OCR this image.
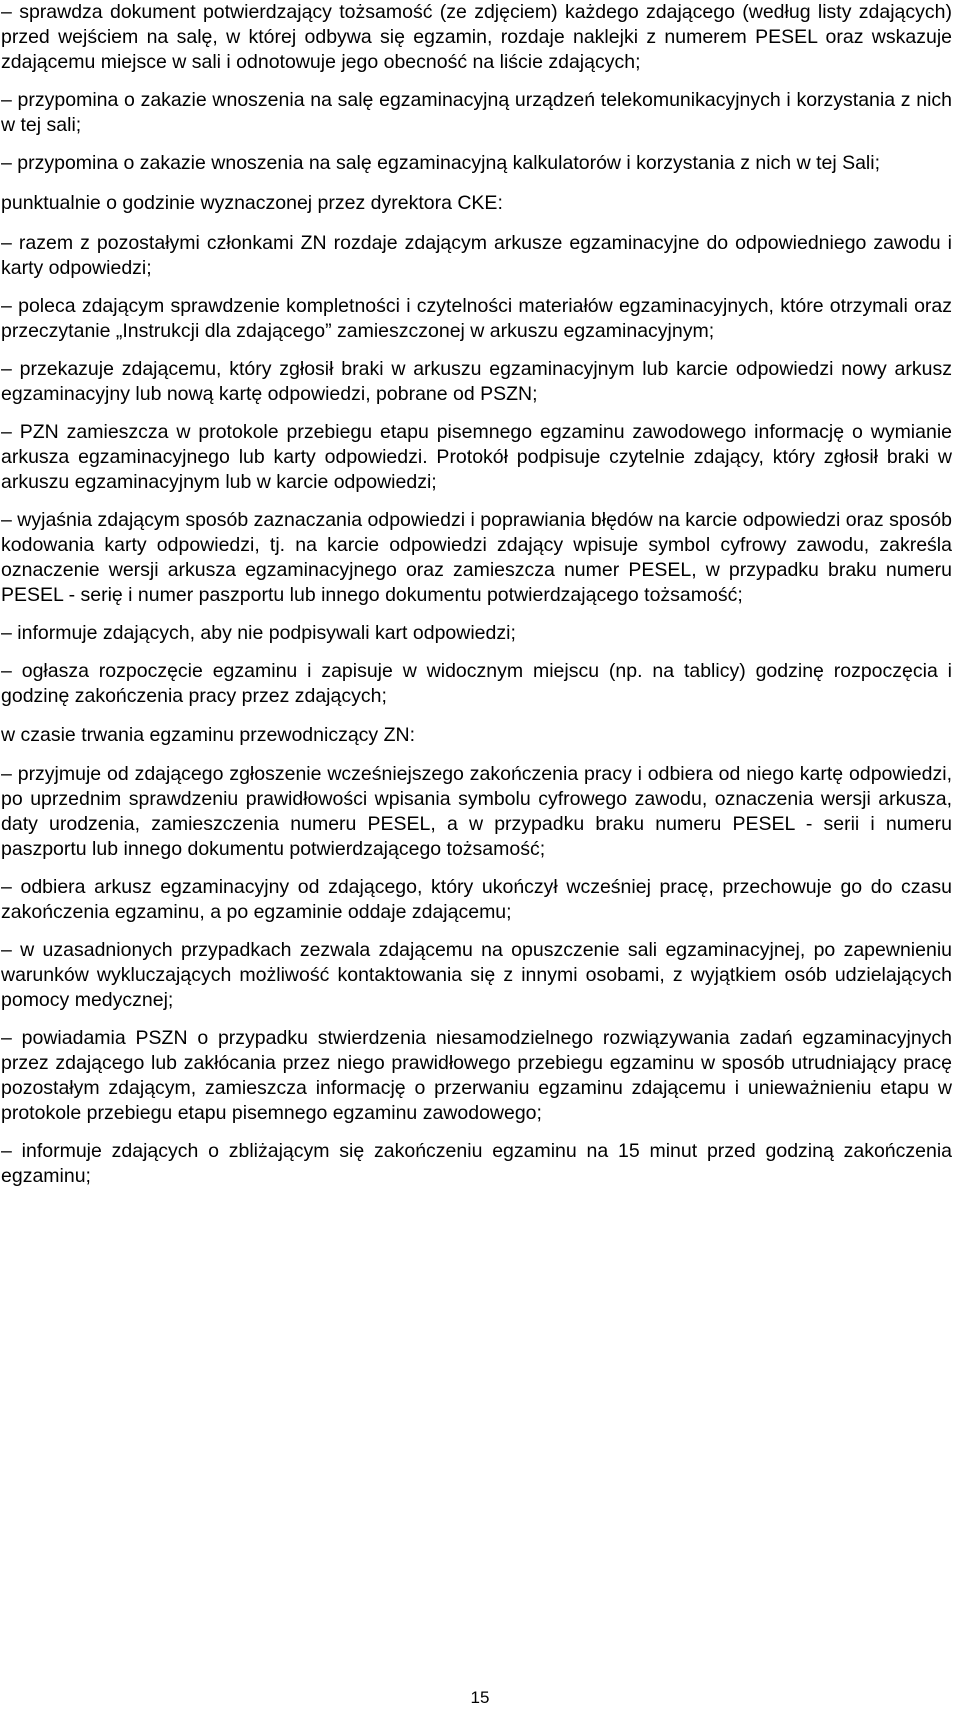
‒ sprawdza dokument potwierdzający tożsamość (ze zdjęciem) każdego zdającego (według listy zdających) przed wejściem na salę, w której odbywa się egzamin, rozdaje naklejki z numerem PESEL oraz wskazuje zdającemu miejsce w sali i odnotowuje jego obecność na liście zdających;

‒ przypomina o zakazie wnoszenia na salę egzaminacyjną urządzeń telekomunikacyjnych i korzystania z nich w tej sali;

‒ przypomina o zakazie wnoszenia na salę egzaminacyjną kalkulatorów i korzystania z nich w tej Sali;

punktualnie o godzinie wyznaczonej przez dyrektora CKE:

‒ razem z pozostałymi członkami ZN rozdaje zdającym arkusze egzaminacyjne do odpowiedniego zawodu i karty odpowiedzi;

‒ poleca zdającym sprawdzenie kompletności i czytelności materiałów egzaminacyjnych, które otrzymali oraz przeczytanie „Instrukcji dla zdającego” zamieszczonej w arkuszu egzaminacyjnym;

‒ przekazuje zdającemu, który zgłosił braki w arkuszu egzaminacyjnym lub karcie odpowiedzi nowy arkusz egzaminacyjny lub nową kartę odpowiedzi, pobrane od PSZN;

‒ PZN zamieszcza w protokole przebiegu etapu pisemnego egzaminu zawodowego informację o wymianie arkusza egzaminacyjnego lub karty odpowiedzi. Protokół podpisuje czytelnie zdający, który zgłosił braki w arkuszu egzaminacyjnym lub w karcie odpowiedzi;

‒ wyjaśnia zdającym sposób zaznaczania odpowiedzi i poprawiania błędów na karcie odpowiedzi oraz sposób kodowania karty odpowiedzi, tj. na karcie odpowiedzi zdający wpisuje symbol cyfrowy zawodu, zakreśla oznaczenie wersji arkusza egzaminacyjnego oraz zamieszcza numer PESEL, w przypadku braku numeru PESEL - serię i numer paszportu lub innego dokumentu potwierdzającego tożsamość;

‒ informuje zdających, aby nie podpisywali kart odpowiedzi;

‒ ogłasza rozpoczęcie egzaminu i zapisuje w widocznym miejscu (np. na tablicy) godzinę rozpoczęcia i godzinę zakończenia pracy przez zdających;

w czasie trwania egzaminu przewodniczący ZN:

‒ przyjmuje od zdającego zgłoszenie wcześniejszego zakończenia pracy i odbiera od niego kartę odpowiedzi, po uprzednim sprawdzeniu prawidłowości wpisania symbolu cyfrowego zawodu, oznaczenia wersji arkusza, daty urodzenia, zamieszczenia numeru PESEL, a w przypadku braku numeru PESEL - serii i numeru paszportu lub innego dokumentu potwierdzającego tożsamość;

‒ odbiera arkusz egzaminacyjny od zdającego, który ukończył wcześniej pracę, przechowuje go do czasu zakończenia egzaminu, a po egzaminie oddaje zdającemu;

‒ w uzasadnionych przypadkach zezwala zdającemu na opuszczenie sali egzaminacyjnej, po zapewnieniu warunków wykluczających możliwość kontaktowania się z innymi osobami, z wyjątkiem osób udzielających pomocy medycznej;

‒ powiadamia PSZN o przypadku stwierdzenia niesamodzielnego rozwiązywania zadań egzaminacyjnych przez zdającego lub zakłócania przez niego prawidłowego przebiegu egzaminu w sposób utrudniający pracę pozostałym zdającym, zamieszcza informację o przerwaniu egzaminu zdającemu i unieważnieniu etapu w protokole przebiegu etapu pisemnego egzaminu zawodowego;

‒ informuje zdających o zbliżającym się zakończeniu egzaminu na 15 minut przed godziną zakończenia egzaminu;

15
